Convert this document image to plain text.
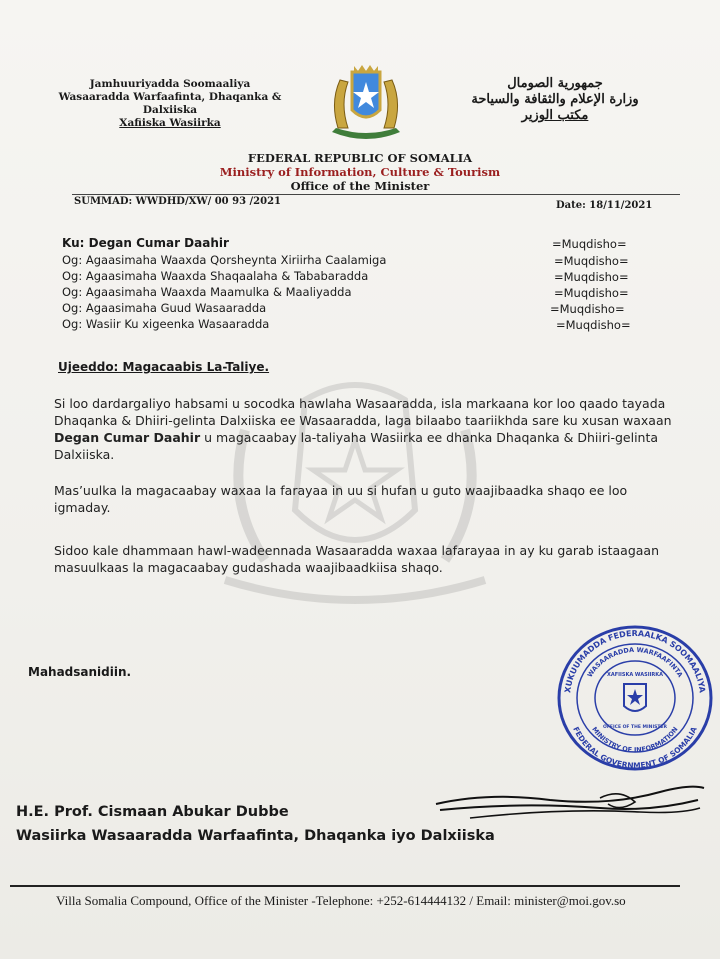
Jamhuuriyadda Soomaaliya
Wasaaradda Warfaafinta, Dhaqanka &
Dalxiiska
Xafiiska Wasiirka
جمهورية الصومال
وزارة الإعلام والثقافة والسياحة
مكتب الوزير
FEDERAL REPUBLIC OF SOMALIA
Ministry of Information, Culture & Tourism
Office of the Minister
SUMMAD: WWDHD/XW/ 00 93 /2021	Date: 18/11/2021
Ku: Degan Cumar Daahir	=Muqdisho=
Og: Agaasimaha Waaxda Qorsheynta Xiriirha Caalamiga	=Muqdisho=
Og: Agaasimaha Waaxda Shaqaalaha & Tababaradda	=Muqdisho=
Og: Agaasimaha Waaxda Maamulka & Maaliyadda	=Muqdisho=
Og: Agaasimaha Guud Wasaaradda	=Muqdisho=
Og: Wasiir Ku xigeenka Wasaaradda	=Muqdisho=
Ujeeddo: Magacaabis La-Taliye.
Si loo dardargaliyo habsami u socodka hawlaha Wasaaradda, isla markaana kor loo qaado tayada
Dhaqanka & Dhiiri-gelinta Dalxiiska ee Wasaaradda, laga bilaabo taariikhda sare ku xusan waxaan
Degan Cumar Daahir u magacaabay la-taliyaha Wasiirka ee dhanka Dhaqanka & Dhiiri-gelinta
Dalxiiska.
Mas’uulka la magacaabay waxaa la farayaa in uu si hufan u guto waajibaadka shaqo ee loo
igmaday.
Sidoo kale dhammaan hawl-wadeennada Wasaaradda waxaa lafarayaa in ay ku garab istaagaan
masuulkaas la magacaabay gudashada waajibaadkiisa shaqo.
Mahadsanidiin.
XUKUUMADDA FEDERAALKA SOOMAALIYA
WASAARADDA WARFAAFINTA
MINISTRY OF INFORMATION
FEDERAL GOVERNMENT OF SOMALIA
XAFIISKA WASIIRKA
OFFICE OF THE MINISTER
H.E. Prof. Cismaan Abukar Dubbe
Wasiirka Wasaaradda Warfaafinta, Dhaqanka iyo Dalxiiska
Villa Somalia Compound, Office of the Minister -Telephone: +252-614444132 / Email: minister@moi.gov.so
